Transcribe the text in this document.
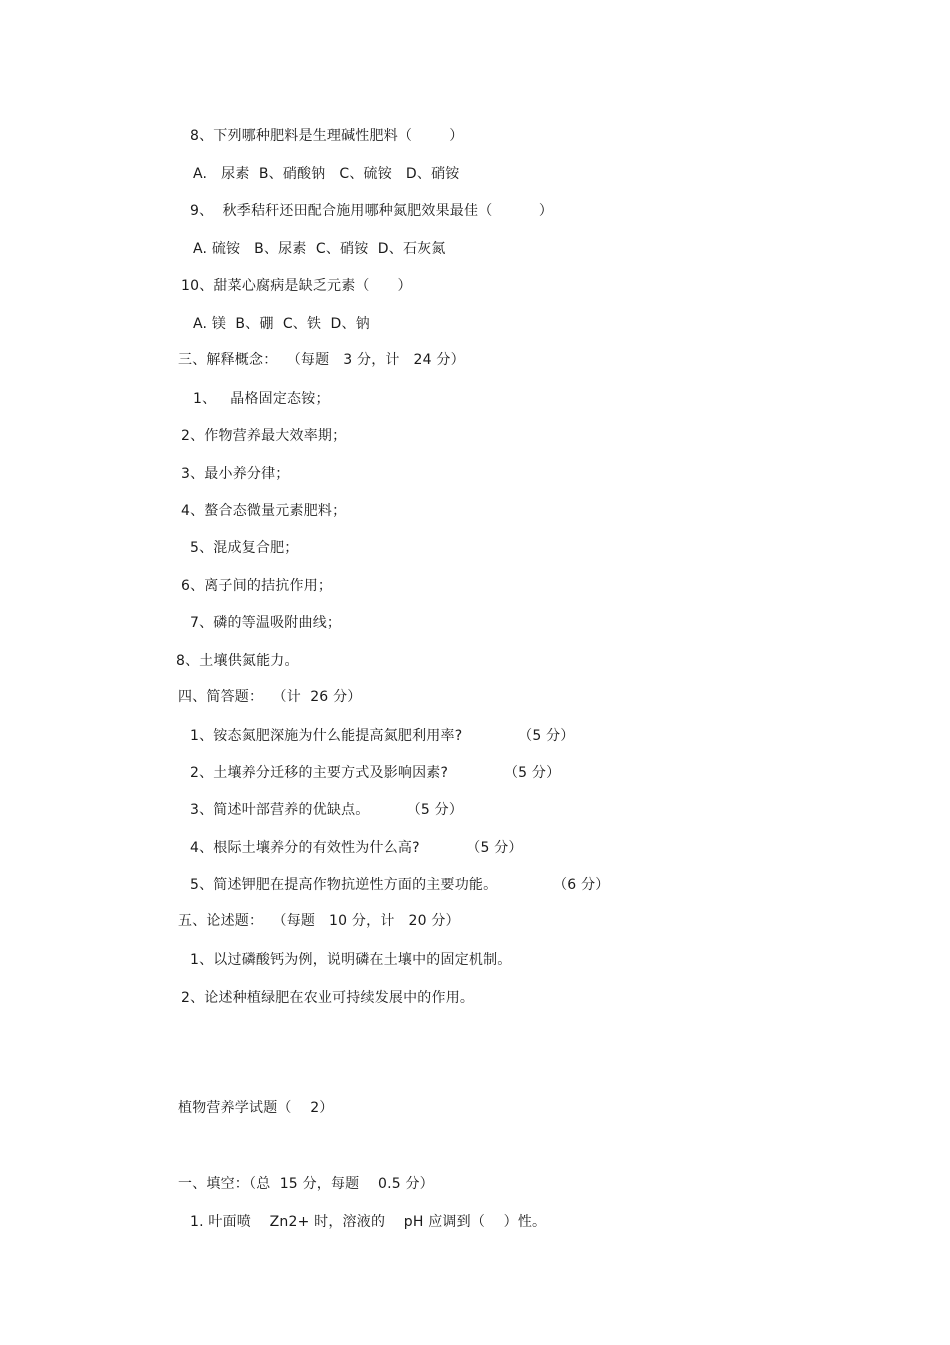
8、下列哪种肥料是生理碱性肥料（        ）
A.   尿素  B、硝酸钠   C、硫铵   D、硝铵
9、  秋季秸秆还田配合施用哪种氮肥效果最佳（          ）
A. 硫铵   B、尿素  C、硝铵  D、石灰氮
10、甜菜心腐病是缺乏元素（      ）
A. 镁  B、硼  C、铁  D、钠
三、解释概念：  （每题   3 分，计   24 分）
1、   晶格固定态铵；
2、作物营养最大效率期；
3、最小养分律；
4、螯合态微量元素肥料；
5、混成复合肥；
6、离子间的拮抗作用；
7、磷的等温吸附曲线；
8、土壤供氮能力。
四、简答题：  （计  26 分）
1、铵态氮肥深施为什么能提高氮肥利用率?            （5 分）
2、土壤养分迁移的主要方式及影响因素?            （5 分）
3、简述叶部营养的优缺点。        （5 分）
4、根际土壤养分的有效性为什么高?          （5 分）
5、简述钾肥在提高作物抗逆性方面的主要功能。            （6 分）
五、论述题：  （每题   10 分，计   20 分）
1、以过磷酸钙为例，说明磷在土壤中的固定机制。
2、论述种植绿肥在农业可持续发展中的作用。
植物营养学试题（    2）
一、填空：（总  15 分，每题    0.5 分）
1. 叶面喷    Zn2+ 时，溶液的    pH 应调到（    ）性。
